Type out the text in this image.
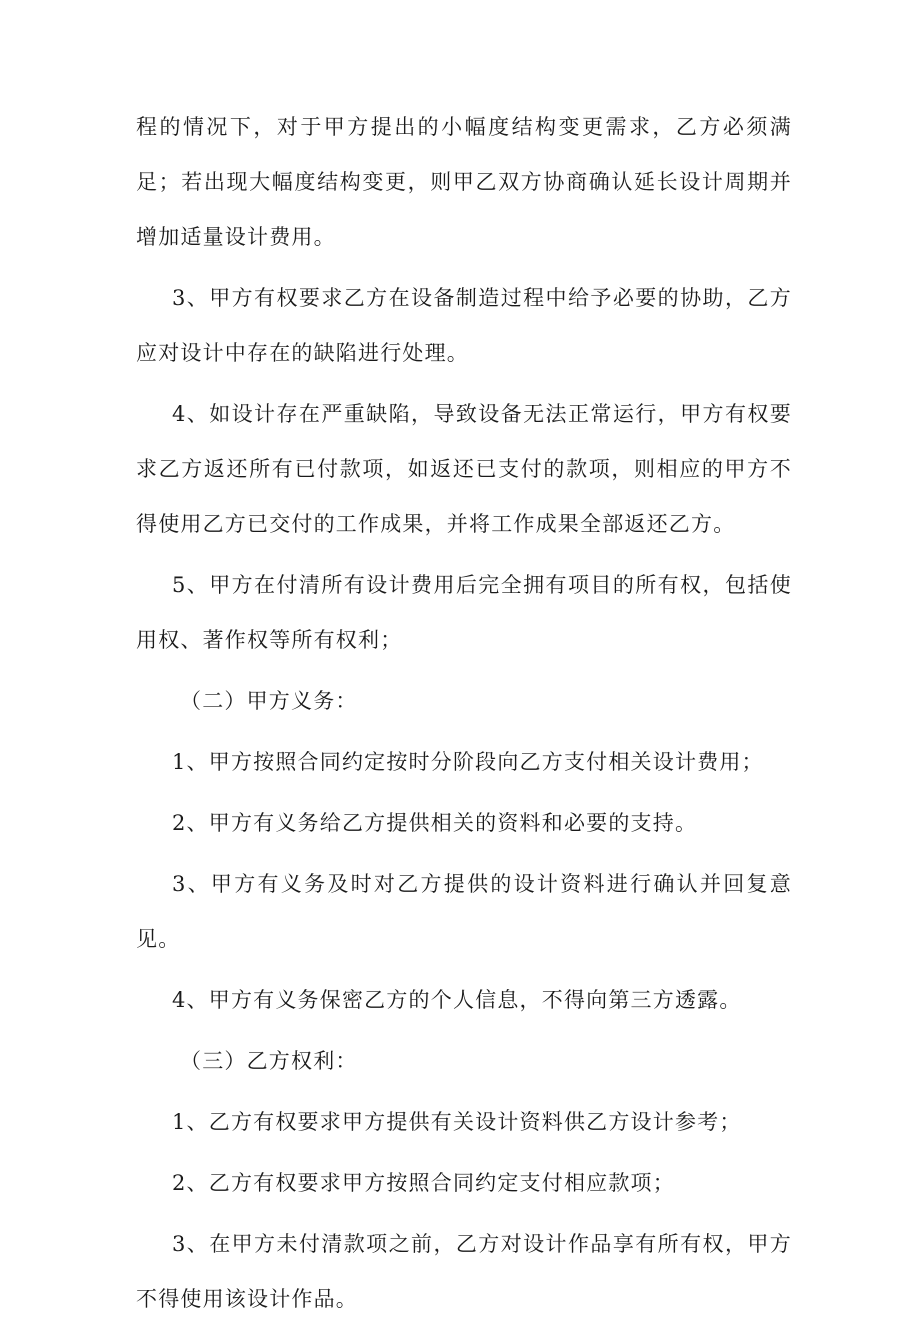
程的情况下，对于甲方提出的小幅度结构变更需求，乙方必须满足；若出现大幅度结构变更，则甲乙双方协商确认延长设计周期并增加适量设计费用。

3、甲方有权要求乙方在设备制造过程中给予必要的协助，乙方应对设计中存在的缺陷进行处理。

4、如设计存在严重缺陷，导致设备无法正常运行，甲方有权要求乙方返还所有已付款项，如返还已支付的款项，则相应的甲方不得使用乙方已交付的工作成果，并将工作成果全部返还乙方。

5、甲方在付清所有设计费用后完全拥有项目的所有权，包括使用权、著作权等所有权利；

（二）甲方义务：

1、甲方按照合同约定按时分阶段向乙方支付相关设计费用；

2、甲方有义务给乙方提供相关的资料和必要的支持。

3、甲方有义务及时对乙方提供的设计资料进行确认并回复意见。

4、甲方有义务保密乙方的个人信息，不得向第三方透露。

（三）乙方权利：

1、乙方有权要求甲方提供有关设计资料供乙方设计参考；

2、乙方有权要求甲方按照合同约定支付相应款项；

3、在甲方未付清款项之前，乙方对设计作品享有所有权，甲方不得使用该设计作品。
